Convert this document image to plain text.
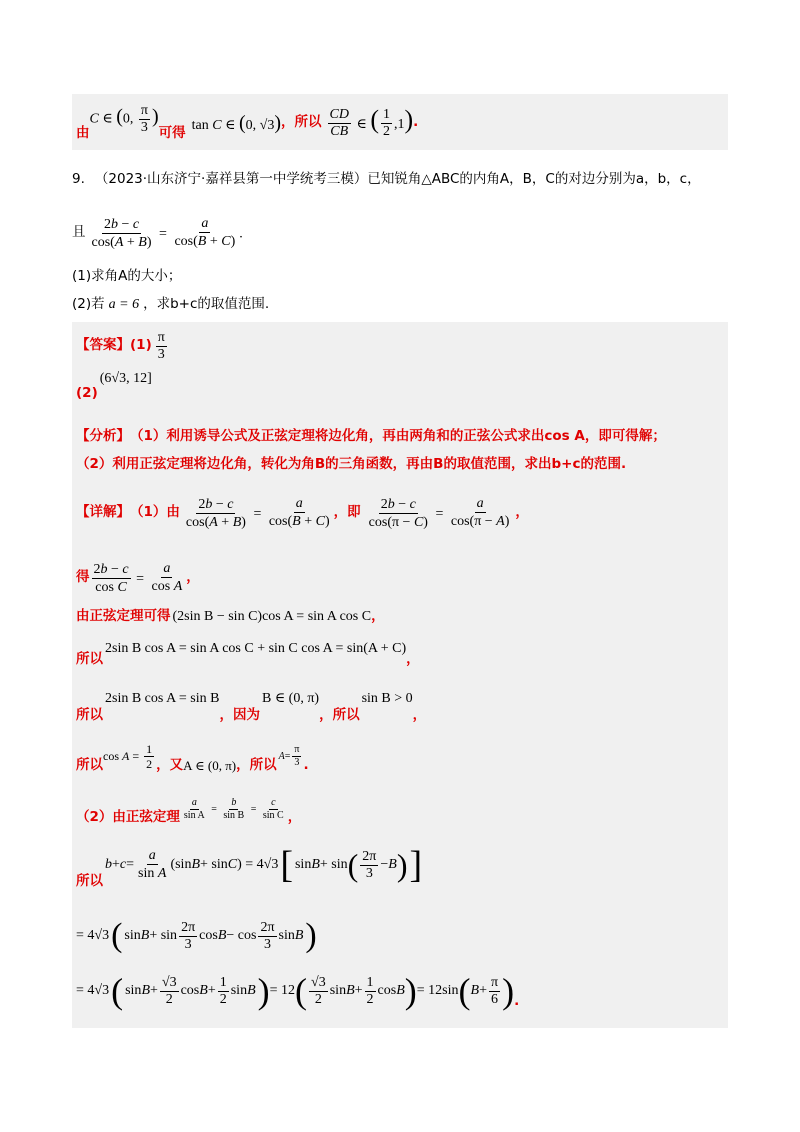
由
C ∈ (0, $\frac{\pi}{3}$ )
可得 tan C ∈ (0, √3) ，所以 $\frac{CD}{CB}$ ∈ ( $\frac{1}{2} ,1$) .
9. （2023·山东济宁·嘉祥县第一中学统考三模） 已知锐角△ABC的内角A，B，C的对边分别为a，b，c，
且 $\frac{2b - c}{\cos(A + B)} = \frac{a}{\cos(B + C)}$ .
(1)求角A的大小；
(2)若 a = 6 ，求b+c的取值范围.
【答案】 $(1) \frac{\pi}{3}$
(2)
(6√3, 12]
【分析】 （1）利用诱导公式及正弦定理将边化角，再由两角和的正弦公式求出cos A，即可得解；
（2）利用正弦定理将边化角，转化为角B的三角函数，再由B的取值范围，求出b+c的范围.
【详解】 （1）由 $\frac{2b - c}{\cos(A + B)} = \frac{a}{\cos(B + C)}$ ，即 $\frac{2b - c}{\cos(\pi - C)} = \frac{a}{\cos(\pi - A)}$ ，
得 $\frac{2b - c}{\text{cos C}} = \frac{a}{\text{cos A}}$ ，
由正弦定理可得 (2sin B − sin C)cos A = sin A cos C ，
所以
2sin B cos A = sin A cos C + sin C cos A = sin(A + C)
，
所以
2sin B cos A = sin B
，因为
B ∈ (0, π)
，所以
sin B > 0
，
所以
$\cos A = \frac{1}{2}$ ，又 A ∈ (0, π) ，所以
$A= \frac{\pi}{3}$ .
（2）由正弦定理 $\frac{a}{\text{sin A}} = \frac{b}{\text{sin B}} = \frac{c}{\text{sin C}}$ ，
所以
$b + c = \frac{a}{\text{sin A}} (\sin$ B + sin C ) = 4√3 [ sin B + sin ( $\frac{2\pi}{3} - B$ ) ]
= 4√3 ( $\sin B + \sin \frac{2\pi}{3}$ $\cos B - \cos \frac{2\pi}{3}$ sin B )
= 4√3 ( $\sin B + \frac{√3}{2}$ $\cos B + \frac{1}{2}$ sin B ) = 12 ( $\frac{√3}{2}$ $\sin B + \frac{1}{2}$ cos B ) = 12sin ( $B + \frac{\pi}{6}$ ) .
